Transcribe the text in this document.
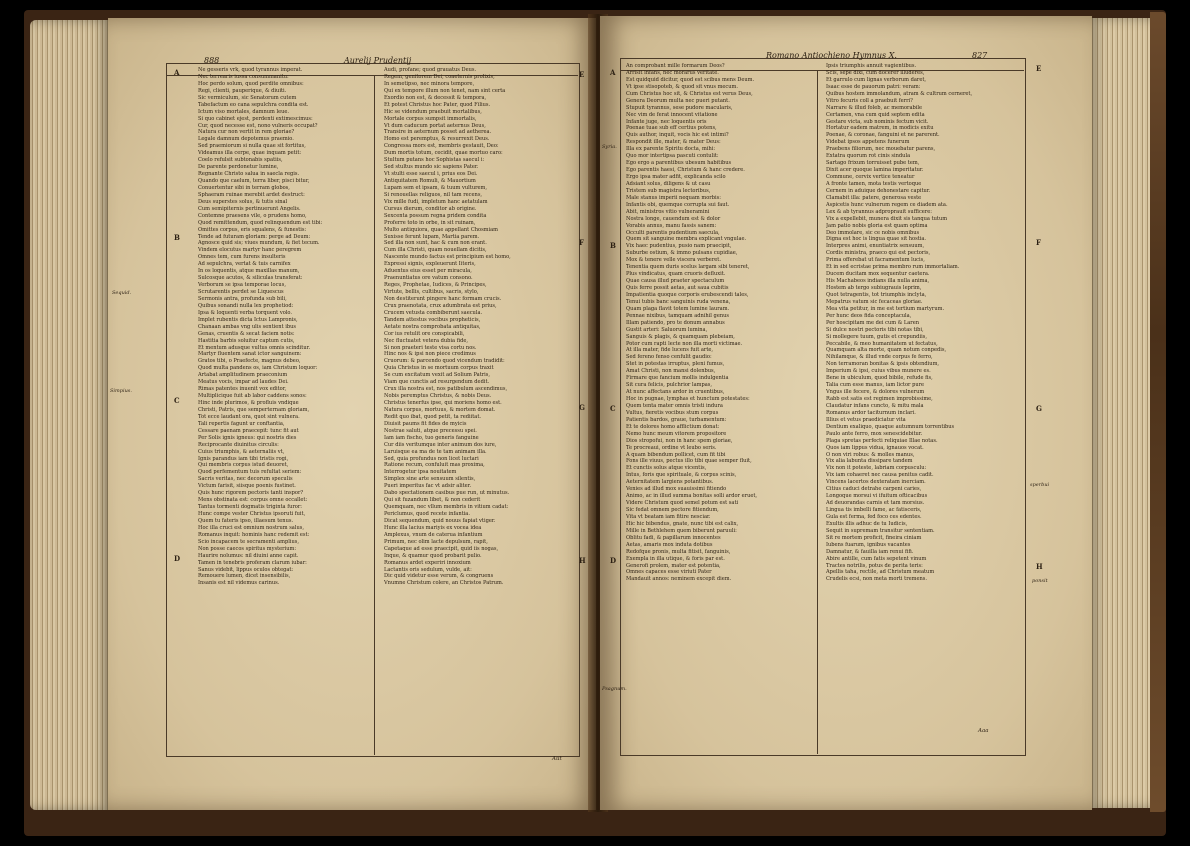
888	Aurelij Prudentij
Ne gesseris vrk, quod tyrannus imperat.
Nec terrearis iussa consummanitu:
Hoc perdo solum, quod perdite omnibus:
Regi, clienti, pauperique, & diuiti.
Sic vermiculum, sic Senatorum cutem
Tabefactum eo cana sepulchra condita est.
Ictum viso mortales, damnum leue.
Si quo cabinet ejest, perdenti extimescimus:
Cur, quod necesse est, nono vulneris occupat?
Natura cur non vertit in rem gloriae?
Legale damnum depotemus praemio.
Sed praemiorum si nulla quae sit fortitus,
Videamus illa cerpe, quae inquam petit:
Coelo refulsit subtonabis spatiis,
De parente perdonetur lumine,
Regnante Christo salua in saecla regis.
Quando que caelum, terra liber, pisci bitur,
Conuertentur sibi in terram globos,
Sphaeram ruinae merebit ardet destruct:
Deus superstes solus, & tutis sinal
Cum semipiternis pertinuerunt Angelis.
Contemne praesens vile, o prudens homo,
Quod remittendum, quod relinquendum est tibi:
Omittes corpus, eris squalens, & funestis:
Tende ad futuram gloriam: perge ad Deum:
Agnosce quid sis; viues mundum, & fiet tecum.
Vindem elocutus martyr hanc peregrem
Omnes tem, cum furens insulteris
Ad sepulchra, vertat & tuis carnifex
In os loquentis, atque maxillas manum,
Sulcosque acutos, & siliculas transferat:
Verborum se ipsa temporae locus,
Scrutarentis perdet se Liquescus
Sermonis antra, profunda sub bili,
Quibus sonandi nulla lex prophetiod:
Ipsa & loquenti verba torquent volo.
Implet rubentis dicta Ictus Lampronis,
Chanaan ambas vng ulis sentient ibus
Genas, cruentis & secat faciem notis:
Hastitia barbis soluitur captum cutis,
Et mentum adusque vultus omnis scinditur.
Martyr fluentem sanat ictor sanguinem:
Gratos tibi, o Praefecte, magnus debeo,
Quod multa pandens os, iam Christum loquor:
Artabat amplitudinem praeconium
Meatus vocis, impar ad laudes Dei.
Rimas patentes inuenit vox editor,
Multiplicique fuit ab labor caddens sonos:
Hinc inde plurimos, & profluis vndique
Christi, Patris, que semperternam gloriam,
Tot ecce laudant ora, quot sint vulnera.
Tali repertis fagunt ur conftantia,
Cessare paenam praecepit: tunc fit aut
Per Solis ignis igneus: qui nostris dies
Reciprocante diuinitus circulis:
Cuius triumphis, & aeternaliis vt,
Ignis parandus iam tibi tristis rogi,
Qui membris corpus istud deuoret,
Quod perfementum tuis refultat seriem:
Sacris veritas, nec decorum speculis
Victum farisit, siisque poenis fustinet.
Quis hunc rigorem pectoris tanti inspor?
Mens obstinata est: corpus omne occallet:
Tantus tormenti dogmatis triginta furor:
Hunc compe vester Christus ipsoruti fuit,
Quem tu fateris ipso, illaesum tenus.
Hoc illa cruci est omnium nostrum salus,
Romanus inquit: hominis hanc redemit est:
Scio incapacem te secramenti amplius,
Non posse caecos spiritus mysterium:
Haurire nolumus: nil diuini anne capit.
Tamen in tenebris proferam clarum iubar:
Sanus videbit, lippus oculos obtegat:
Remouere lumen, dicet insensibilis,
Insanis est nil videmus carinus.
Audi, profane; quod grauatus Deus.
Regem, genitorem Dei, coaeternis prolixis,
In semetipso, nec minora tempore,
Qui ex tempore illum non tenet, nam sint certa
Exordio non est, & decessit & tempora,
Et potest Christus hoc Pater, quod Filius.
Hic se videndum praebuit mortalibus,
Mortale corpus sumpsit immortalis,
Vt dum caducum portat aeternus Deus,
Transire in aeternum posset ad aetherea.
Homo est peremptus, & resurrexit Deus.
Congressa mors est, membris gestauit, Deo:
Dum mortis totum, cecidit, quae mortuo caro:
Stultum putans hoc Sophistas saecul i:
Sed stultus mundo sic sapiens Pater.
Vt stulti esse saecul i, prius eos Dei.
Antiquitatem Romuli, & Mauortium
Lupam sem et ipsam, & tuum vulturem,
Si renouellas religuos, nil tam recens,
Vix mille fudi, impletum hanc aetatulam
Cursus dierum, conditor ab origine.
Sexcenta possum regna pridem condita
Proferre toto in orbe, in sit ruinam,
Multo antiquiora, quae appellant Chosmiam
Suxisse ferunt lupam, Martia parem.
Sed illa non sunt, hac & cum non erant.
Cum illa Christi, quam nouellam dicitis,
Nascente mundo factus est principium est homo,
Expressi signis, expleuerunt Iiteris,
Aduentus eius esset per miracula,
Praenuntiatus ore vatum consono.
Reges, Prophetae, Iudices, & Principes,
Virtute, bellis, cultibus, sacris, stylo,
Non destiterunt pingere hanc formam crucis.
Crux praenotata, crux adumbrata est prius,
Crucem vetusta combiberunt saecula.
Tandem attestus vocibus propheticis,
Aetate nostra comprobata antiquitas,
Cor ius retulit ore conspicabili,
Nec fluctuatet vetera dubia fide,
Si non praeteri teste visa cortu nos.
Hinc nos & ipsi non piece credimus
Cruorum: & parcendo quod vicendum tradidit:
Quia Christus in se mortuum corpus traxit
Se cum excitatum vexit ad Solium Patris,
Viam que cunctis ad resurgendum dedit.
Crux illa nostra est, nos patibulum ascendimus,
Nobis peremptus Christus, & nobis Deus.
Christus tenerfus ipse, qui moriens homo est.
Natura corpus, mortuus, & mortem domat.
Redit quo ibat, quod petit, ta rediitat.
Diuisit paums fit fides de myicis
Nostrae saluti, atque precessu spei.
Iam iam fischo, tuo generis fanguine
Cur diis veritumque inter animum dos iure,
Laruisque ea ma de te tam animam illa.
Sed, quia profundus non licet luctari
Ratione recum, confuluit mas proxima,
Interrogetur ipsa nouitatem
Simplex sine arte sensuum silentis,
Pueri imperitus fac vt adsir aliter.
Dabo spectationem casibus pue run, ut minutus.
Qui sit fuzandum libet, & non cederit
Quemquam, nec vllum membris in vitium cadat:
Periclumus, quod recete infantia.
Dicat sequendum, quid nouus fapiat vtiger.
Hunc illa lacius mariyis ex vocea idea
Amplexus, vnum de caterua infantium
Primum, nec olim lacte depulsum, rapit,
Capetaque ad esse praecipit, quid iis nogas,
Inque, & quamur quod probarit pulio.
Romanus ardet experiri innoxium
Lactantis oris sedulum, vulde, ait:
Dic quid videtur esse verum, & congruens
Vnumne Christum colere, an Christos Patrum.
A
B
C
D
E
F
G
H
Sequid.
Simpius.
Aut
Romano Antiochieno Hymnus X.	827
An comprobant mille formarum Deos?
Arrisit infans, nec morarus veritate.
Est quidquid dicitur, quod est scibus mens Deum.
Vt ipse stisopoteb, & quod sit vnus mecum.
Cum Christus hoc sit, & Christus est verus Deus,
Genera Deorum multa nec pueri putant.
Stupuit tyrannus, sese pudore macularis,
Nec vim de ferat innocent vitatione
Infante juge, nec loquentis oris
Poenae tuae sub eff certius potens,
Quis author, inquit, vocis hic est intimi?
Respondit ille, mater, & mater Deus:
Illa ex parente Spiritu docta, mihi:
Quo mor intertipsa pascuti contulit:
Ego ergo a parentibus ubesum habitibus
Ego parentis haesi, Christum & hanc credere.
Ergo ipsa mater adfit, explicanda scilo
Adsiant solus, diligens & ut casu
Tristem sub magistra lectoribus,
Male stanus imperii nequam morbis:
Infantis obi, quemque corrupta sui faut.
Abit, ministros vitio vulneramini
Nostra longe, cauendum est & dolor
Vorabis annus, manu fassis sanem:
Occulti parentis pudentium saecula,
Quem sit sanguine membra explicant vngulae.
Vix haec pudentius, pusio nam praecipit,
Suburbe ostium, & immo pulsans cupidiae,
Mox & tenere velle viscera verberet.
Tenentia quem duris scelus largam sibi teneret,
Plus vindicatus, quam cruoris defluxit.
Quae causa illud praeter spectaculum
Quis ferre possit aetas, aut saua cubitis
Impatientia quoque corporis erubescendi tales,
Tenui tubis banc sanguinis ruda venena,
Quam plaga flavit totem lumine lauram.
Pennae nixibus, tamquam adnihil genus
Illam patiendo, pro te donum annabus
Gustit arteri: Saluorum lumina,
Sanguis & plagis, & quamquam plebeiam,
Potor cum rapti lecte non illa morti victimae.
At illa mater, fide lucens fuit arte,
Sed fereno fenso cenfulit gaudio:
Stet in potestas irruptus, pleni fumus,
Amat Christi, non mansi dolenbus,
Firmare que fancium mollis indulgentia
Sit cura felicis, pulchrior lampas,
At nunc affectans ardor in cruentibus,
Hoc in pugnae, lymphas et hunctum potestates:
Quem tenta mater omnis tristi indura
Vultus, fieretis vocibus stum corpus
Patientis bardos, graue, turbamentum:
Et te dolores homo afflictium donat:
Nemo hunc meum vitorem propositore
Dios stropofui, non in hanc spem gloriae,
Te procreaui, ordine vt leubo seris.
A quam bibendum pollicet, cum fit tibi
Fons ille viuus, pectus illo tibi quae semper fluit,
Et cunctis solus atque vicentis,
Intus, foris que spirituale, & corpus scinis,
Aeternitatem largiens potantibus.
Venies ad illud mox suauissimi fitiendo
Animo, ac in illud summa bonitas solli ardor eruet,
Videre Christum quod semel potum est sati
Sic fedat omnem pectore fitiendum,
Vita vt beatam iam fitire nesciar.
Hic hic bibendus, gnate, nunc tibi est calix,
Mille in Bethlehem quem biberunt paruuli:
Oblitu fadi, & papillarum innocentes
Aetas, amaris mox induta dotibus
Redofque pronis, multa fitisit, fanguinis,
Exempla in illa utique, & foris par est.
Generofi prolem, mater est potentia,
Omnes capaces esse viriuti Pater
Mandauit annos: neminem excepit diem.
Ipsis triumphis annuit vagientibus.
Scis, sepe dixi, cum docerer illuderes,
Et garrulo cum lignas verborum daret,
Isaac esse de pauorum patri: veram:
Quibus hostem immolandum, atram & cultrum cerneret,
Vitro fecuris coll a praebuit ferri?
Narrare & illud foleb, ac memorabile
Certamen, vna cum quid septem edita
Gestare victa, sub nominis fectum vicit.
Hortatur eadem matrem, in modicis exitu
Poenae, & coronae, fanguini et ne parerent.
Videbat ipsos appetens funerum
Praebens filiorum, nec mouebatur parens,
Extatra quorum rot cinis sindula
Sartago frixum torruisset pube tem,
Dixit acer quoque lamina imperitatur.
Commune, cervix vertice teneatur
A fronte tamen, mota testis vertoque
Cernem in aduique dehonestare capitur.
Clamabit illa: patere, generosa veste
Aspicetis hunc vulnerum regem ce diadem ata.
Lex & ab tyrannus adproprauit sufficere:
Vix a expellebit, munera dixit sis tanqua tutum
Jam patio nobis gloria est quam optima
Deo immolare, sic ce nobis omnibus
Digna est hoc is lingua quae sit hostia.
Interpres animi, enuntiatrix sensuum,
Cordis ministra, praeco qui est pectoris,
Prima offerebat ut facramentum lucis,
Et in sed ecristae prima membro rum immortaliam.
Ducem ducitam mox sequentur caetera.
His Machabeos indians illa nulla anima,
Hostem ab tergo subiugrauis leprim,
Quot tetragentis, tot triumphis inclyta,
Mepatrus vatum sic fecaceas gloriae.
Mea vita petitur, in me est tertium martyrum.
Per hunc deos fida conceptacula,
Per hoscipitam me dei cum & Laren
Si dulce nostri pectoris tibi notas tibi,
Si mollegere tuum, gutis et crepundiis,
Peccabile, & meo humanitatem ut fectatus,
Quamquam alta morte, quam notum conpedis,
Nihilamque, & illud vnde corpus fe ferro,
Non terramoran bonitas & ipsis obtendium,
Imperium & ipsi, cuius vibus munere es.
Bene in ubiculum, quod bibile, refude fis,
Talia cum esse manus, iam lictor pure
Vngus ille fecere, & dolores vulnerum
Rabb est satis est regimen improbissime,
Claudatur infans cuncto, & mitu mala
Romanus ardor taciturnum inclari.
Illius et vetus praediciatur vita
Dentium exaliquo, quaque autumnum torrentibus
Paulo ante ferro, mox senescidebitur.
Plaga spretas perfecti reliquiae Illae notas.
Quos iam lippus vidua, ignauos vocat.
O non viri robus: & molles manus,
Vix alia labunta dissipare tandem
Vix non it poteste, labriam corpusculu:
Vix iam cohaeret nec causa penitus cadit.
Vincens lacertos dexteratam inerciam.
Citius caduci detrahe carpeni caries,
Longoque morsui vi ifuitum ofticacibus
Ad deuorandas carnis et tam morsius.
Lingua tis imbelli fame, ac fatisceris,
Gula est ferma, fed foco ces edentes.
Exultis illis adhuc de tu Iudicis,
Sequit in supremam transitur sententiam.
Sit re mortem proficit, fineira ciniam
Iubens fuarum, ignibus vacantes
Damnatur, & fauilla iam renui fifi.
Abire antille, cum fatis sepetent vinum
Tractes notrilis, potus de perita teris:
Apellis taha, rectile, ad Christum meatum
Crudelis ecsi, non meta morti tremens.
A
B
C
D
E
F
G
H
Syria.
Psagnum.
sperbui
ponsit
Aaa
